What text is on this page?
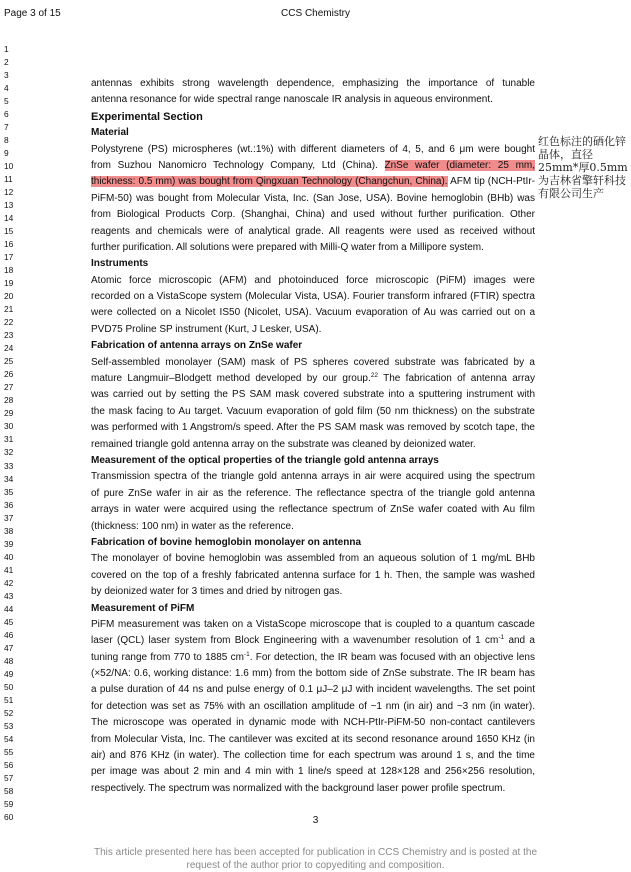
Page 3 of 15	CCS Chemistry
1
2
3
4
5
6
7
8
9
10
11
12
13
14
15
16
17
18
19
20
21
22
23
24
25
26
27
28
29
30
31
32
33
34
35
36
37
38
39
40
41
42
43
44
45
46
47
48
49
50
51
52
53
54
55
56
57
58
59
60
antennas exhibits strong wavelength dependence, emphasizing the importance of tunable
antenna resonance for wide spectral range nanoscale IR analysis in aqueous environment.
Experimental Section
Material
Polystyrene (PS) microspheres (wt.:1%) with different diameters of 4, 5, and 6 μm were bought
from Suzhou Nanomicro Technology Company, Ltd (China). ZnSe wafer (diameter: 25 mm,
thickness: 0.5 mm) was bought from Qingxuan Technology (Changchun, China). AFM tip (NCH-PtIr-
PiFM-50) was bought from Molecular Vista, Inc. (San Jose, USA). Bovine hemoglobin (BHb) was
from Biological Products Corp. (Shanghai, China) and used without further purification. Other
reagents and chemicals were of analytical grade. All reagents were used as received without
further purification. All solutions were prepared with Milli-Q water from a Millipore system.
Instruments
Atomic force microscopic (AFM) and photoinduced force microscopic (PiFM) images were
recorded on a VistaScope system (Molecular Vista, USA). Fourier transform infrared (FTIR) spectra
were collected on a Nicolet IS50 (Nicolet, USA). Vacuum evaporation of Au was carried out on a
PVD75 Proline SP instrument (Kurt, J Lesker, USA).
Fabrication of antenna arrays on ZnSe wafer
Self-assembled monolayer (SAM) mask of PS spheres covered substrate was fabricated by a
mature Langmuir–Blodgett method developed by our group.$^{22}$ The fabrication of antenna array
was carried out by setting the PS SAM mask covered substrate into a sputtering instrument with
the mask facing to Au target. Vacuum evaporation of gold film (50 nm thickness) on the substrate
was performed with 1 Angstrom/s speed. After the PS SAM mask was removed by scotch tape, the
remained triangle gold antenna array on the substrate was cleaned by deionized water.
Measurement of the optical properties of the triangle gold antenna arrays
Transmission spectra of the triangle gold antenna arrays in air were acquired using the spectrum
of pure ZnSe wafer in air as the reference. The reflectance spectra of the triangle gold antenna
arrays in water were acquired using the reflectance spectrum of ZnSe wafer coated with Au film
(thickness: 100 nm) in water as the reference.
Fabrication of bovine hemoglobin monolayer on antenna
The monolayer of bovine hemoglobin was assembled from an aqueous solution of 1 mg/mL BHb
covered on the top of a freshly fabricated antenna surface for 1 h. Then, the sample was washed
by deionized water for 3 times and dried by nitrogen gas.
Measurement of PiFM
PiFM measurement was taken on a VistaScope microscope that is coupled to a quantum cascade
laser (QCL) laser system from Block Engineering with a wavenumber resolution of 1 $cm^{-1}$ and a
tuning range from 770 to 1885 $cm^{-1}$. For detection, the IR beam was focused with an objective lens
(×52/NA: 0.6, working distance: 1.6 mm) from the bottom side of ZnSe substrate. The IR beam has
a pulse duration of 44 ns and pulse energy of 0.1 μJ–2 μJ with incident wavelengths. The set point
for detection was set as 75% with an oscillation amplitude of ~1 nm (in air) and ~3 nm (in water).
The microscope was operated in dynamic mode with NCH-PtIr-PiFM-50 non-contact cantilevers
from Molecular Vista, Inc. The cantilever was excited at its second resonance around 1650 KHz (in
air) and 876 KHz (in water). The collection time for each spectrum was around 1 s, and the time
per image was about 2 min and 4 min with 1 line/s speed at 128×128 and 256×256 resolution,
respectively. The spectrum was normalized with the background laser power profile spectrum.
红色标注的硒化锌晶体，直径25mm*厚0.5mm为吉林省擎轩科技有限公司生产
3
This article presented here has been accepted for publication in CCS Chemistry and is posted at the
request of the author prior to copyediting and composition.
